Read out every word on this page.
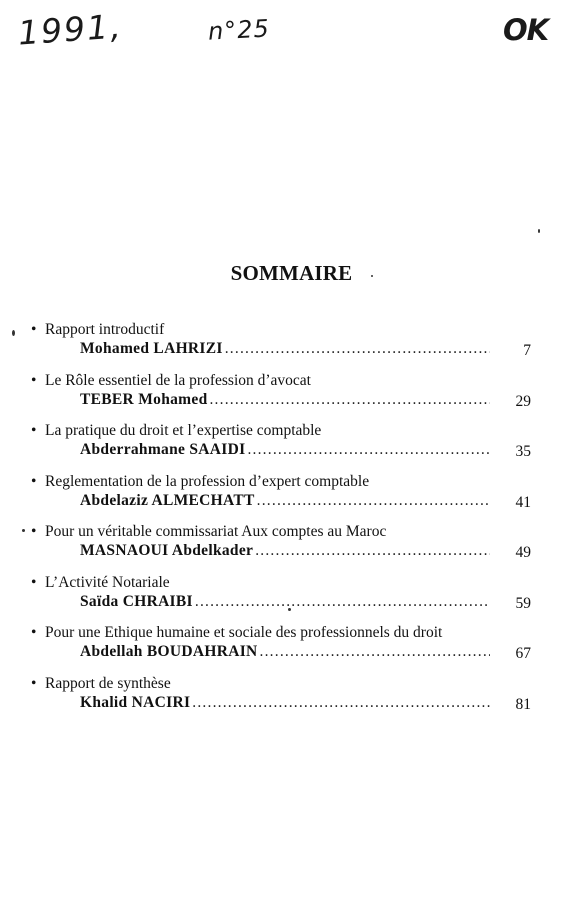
1991,	n°25	OK
SOMMAIRE
• Rapport introductif
Mohamed LAHRIZI .....	7
• Le Rôle essentiel de la profession d’avocat
TEBER Mohamed .....	29
• La pratique du droit et l’expertise comptable
Abderrahmane SAAIDI .....	35
• Reglementation de la profession d’expert comptable
Abdelaziz ALMECHATT .....	41
• Pour un véritable commissariat Aux comptes au Maroc
MASNAOUI Abdelkader .....	49
• L’Activité Notariale
Saïda CHRAIBI .....	59
• Pour une Ethique humaine et sociale des professionnels du droit
Abdellah BOUDAHRAIN .....	67
• Rapport de synthèse
Khalid NACIRI .....	81
